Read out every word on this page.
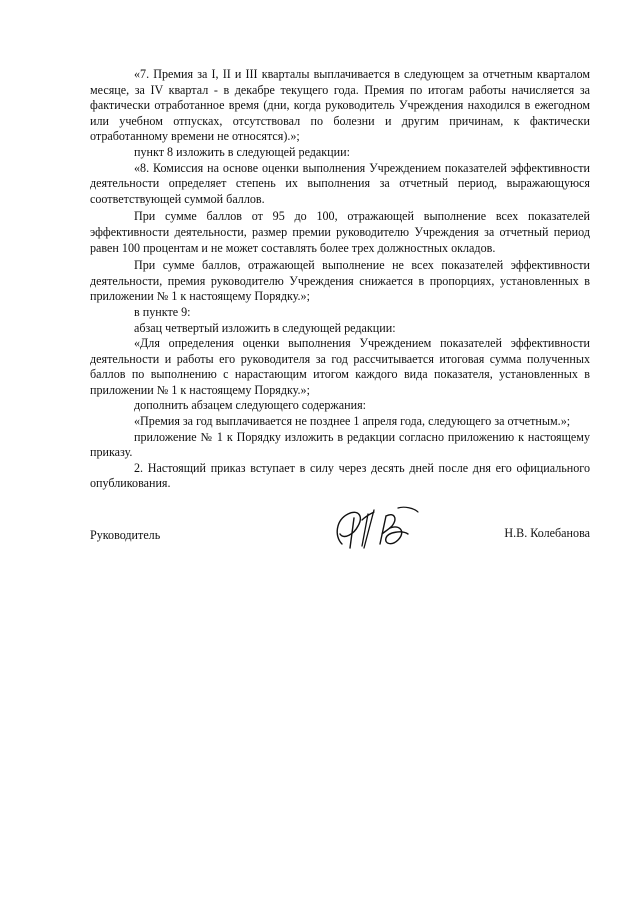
«7. Премия за I, II и III кварталы выплачивается в следующем за отчетным кварталом месяце, за IV квартал - в декабре текущего года. Премия по итогам работы начисляется за фактически отработанное время (дни, когда руководитель Учреждения находился в ежегодном или учебном отпусках, отсутствовал по болезни и другим причинам, к фактически отработанному времени не относятся).»;

пункт 8 изложить в следующей редакции:

«8. Комиссия на основе оценки выполнения Учреждением показателей эффективности деятельности определяет степень их выполнения за отчетный период, выражающуюся соответствующей суммой баллов.

При сумме баллов от 95 до 100, отражающей выполнение всех показателей эффективности деятельности, размер премии руководителю Учреждения за отчетный период равен 100 процентам и не может составлять более трех должностных окладов.

При сумме баллов, отражающей выполнение не всех показателей эффективности деятельности, премия руководителю Учреждения снижается в пропорциях, установленных в приложении № 1 к настоящему Порядку.»;

в пункте 9:

абзац четвертый изложить в следующей редакции:

«Для определения оценки выполнения Учреждением показателей эффективности деятельности и работы его руководителя за год рассчитывается итоговая сумма полученных баллов по выполнению с нарастающим итогом каждого вида показателя, установленных в приложении № 1 к настоящему Порядку.»;

дополнить абзацем следующего содержания:

«Премия за год выплачивается не позднее 1 апреля года, следующего за отчетным.»;

приложение № 1 к Порядку изложить в редакции согласно приложению к настоящему приказу.

2. Настоящий приказ вступает в силу через десять дней после дня его официального опубликования.

Руководитель	Н.В. Колебанова
